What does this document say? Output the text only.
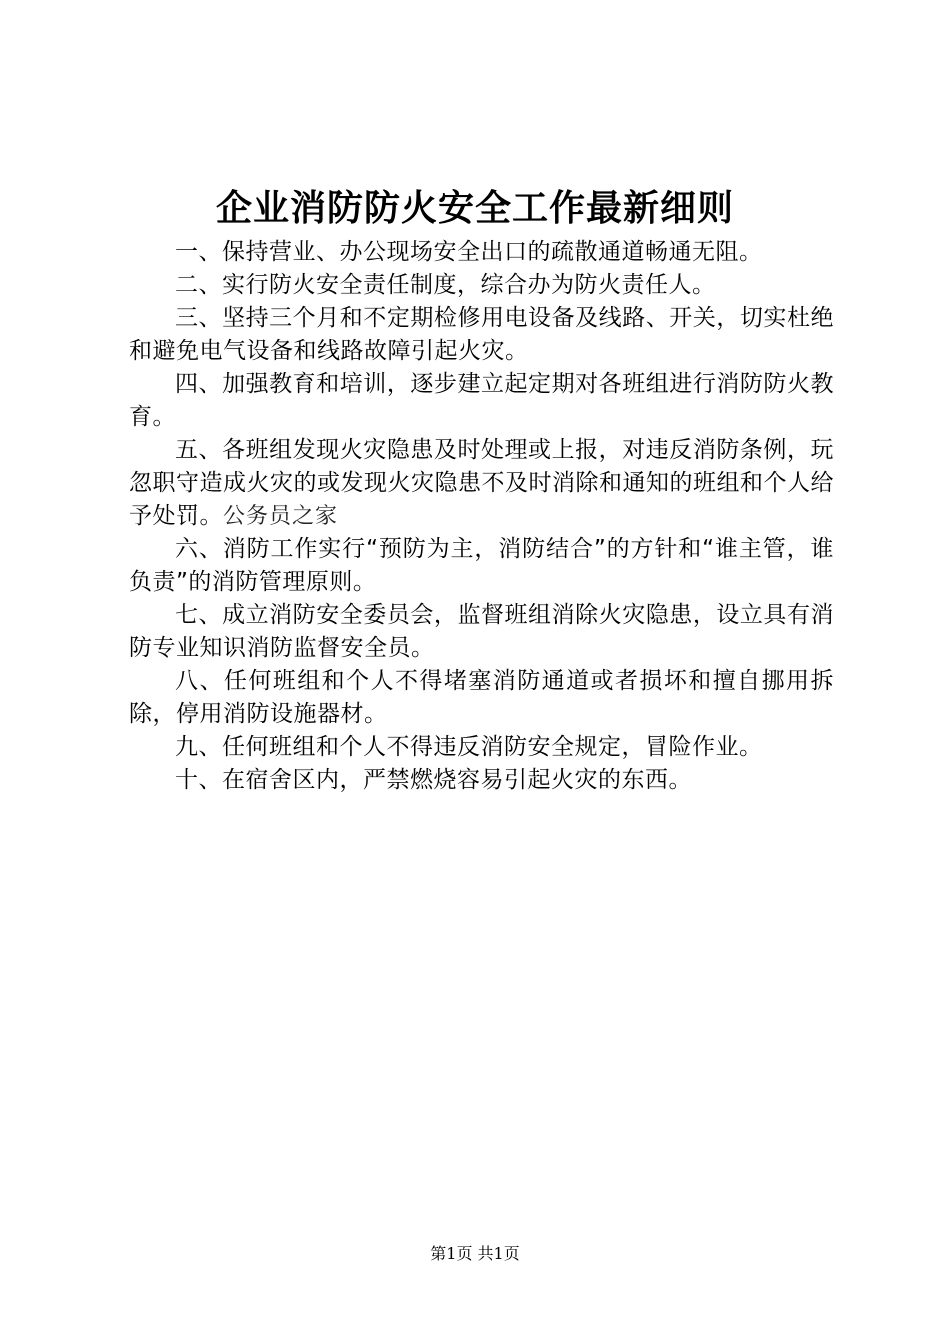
企业消防防火安全工作最新细则

一、保持营业、办公现场安全出口的疏散通道畅通无阻。

二、实行防火安全责任制度，综合办为防火责任人。

三、坚持三个月和不定期检修用电设备及线路、开关，切实杜绝和避免电气设备和线路故障引起火灾。

四、加强教育和培训，逐步建立起定期对各班组进行消防防火教育。

五、各班组发现火灾隐患及时处理或上报，对违反消防条例，玩忽职守造成火灾的或发现火灾隐患不及时消除和通知的班组和个人给予处罚。公务员之家

六、消防工作实行“预防为主，消防结合”的方针和“谁主管，谁负责”的消防管理原则。

七、成立消防安全委员会，监督班组消除火灾隐患，设立具有消防专业知识消防监督安全员。

八、任何班组和个人不得堵塞消防通道或者损坏和擅自挪用拆除，停用消防设施器材。

九、任何班组和个人不得违反消防安全规定，冒险作业。

十、在宿舍区内，严禁燃烧容易引起火灾的东西。

第1页 共1页
